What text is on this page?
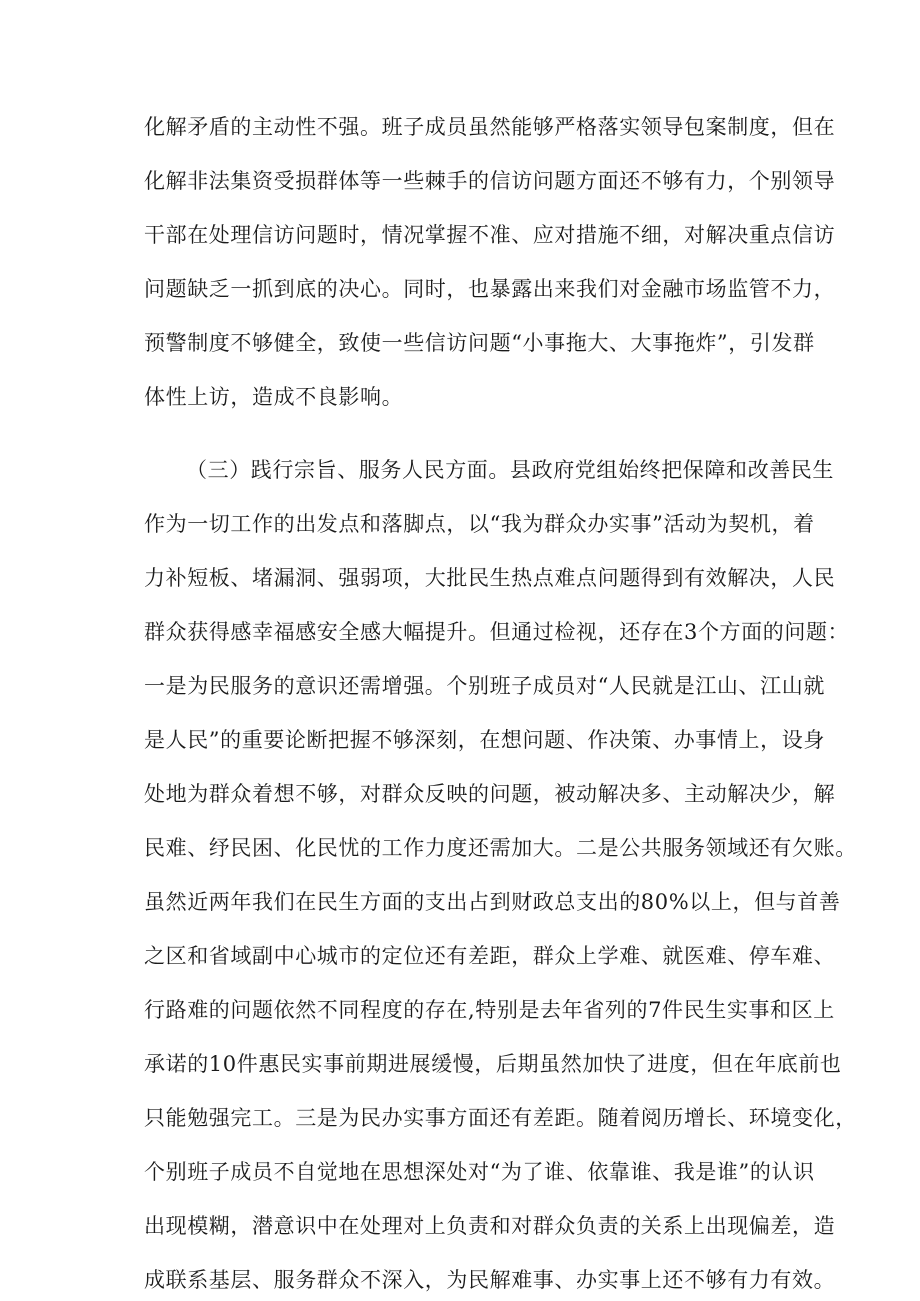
化解矛盾的主动性不强。班子成员虽然能够严格落实领导包案制度，但在

化解非法集资受损群体等一些棘手的信访问题方面还不够有力，个别领导

干部在处理信访问题时，情况掌握不准、应对措施不细，对解决重点信访

问题缺乏一抓到底的决心。同时，也暴露出来我们对金融市场监管不力，

预警制度不够健全，致使一些信访问题“小事拖大、大事拖炸”，引发群

体性上访，造成不良影响。

（三）践行宗旨、服务人民方面。县政府党组始终把保障和改善民生

作为一切工作的出发点和落脚点，以“我为群众办实事”活动为契机，着

力补短板、堵漏洞、强弱项，大批民生热点难点问题得到有效解决，人民

群众获得感幸福感安全感大幅提升。但通过检视，还存在3个方面的问题：

一是为民服务的意识还需增强。个别班子成员对“人民就是江山、江山就

是人民”的重要论断把握不够深刻，在想问题、作决策、办事情上，设身

处地为群众着想不够，对群众反映的问题，被动解决多、主动解决少，解

民难、纾民困、化民忧的工作力度还需加大。二是公共服务领域还有欠账。

虽然近两年我们在民生方面的支出占到财政总支出的80%以上，但与首善

之区和省域副中心城市的定位还有差距，群众上学难、就医难、停车难、

行路难的问题依然不同程度的存在,特别是去年省列的7件民生实事和区上

承诺的10件惠民实事前期进展缓慢，后期虽然加快了进度，但在年底前也

只能勉强完工。三是为民办实事方面还有差距。随着阅历增长、环境变化，

个别班子成员不自觉地在思想深处对“为了谁、依靠谁、我是谁”的认识

出现模糊，潜意识中在处理对上负责和对群众负责的关系上出现偏差，造

成联系基层、服务群众不深入，为民解难事、办实事上还不够有力有效。
